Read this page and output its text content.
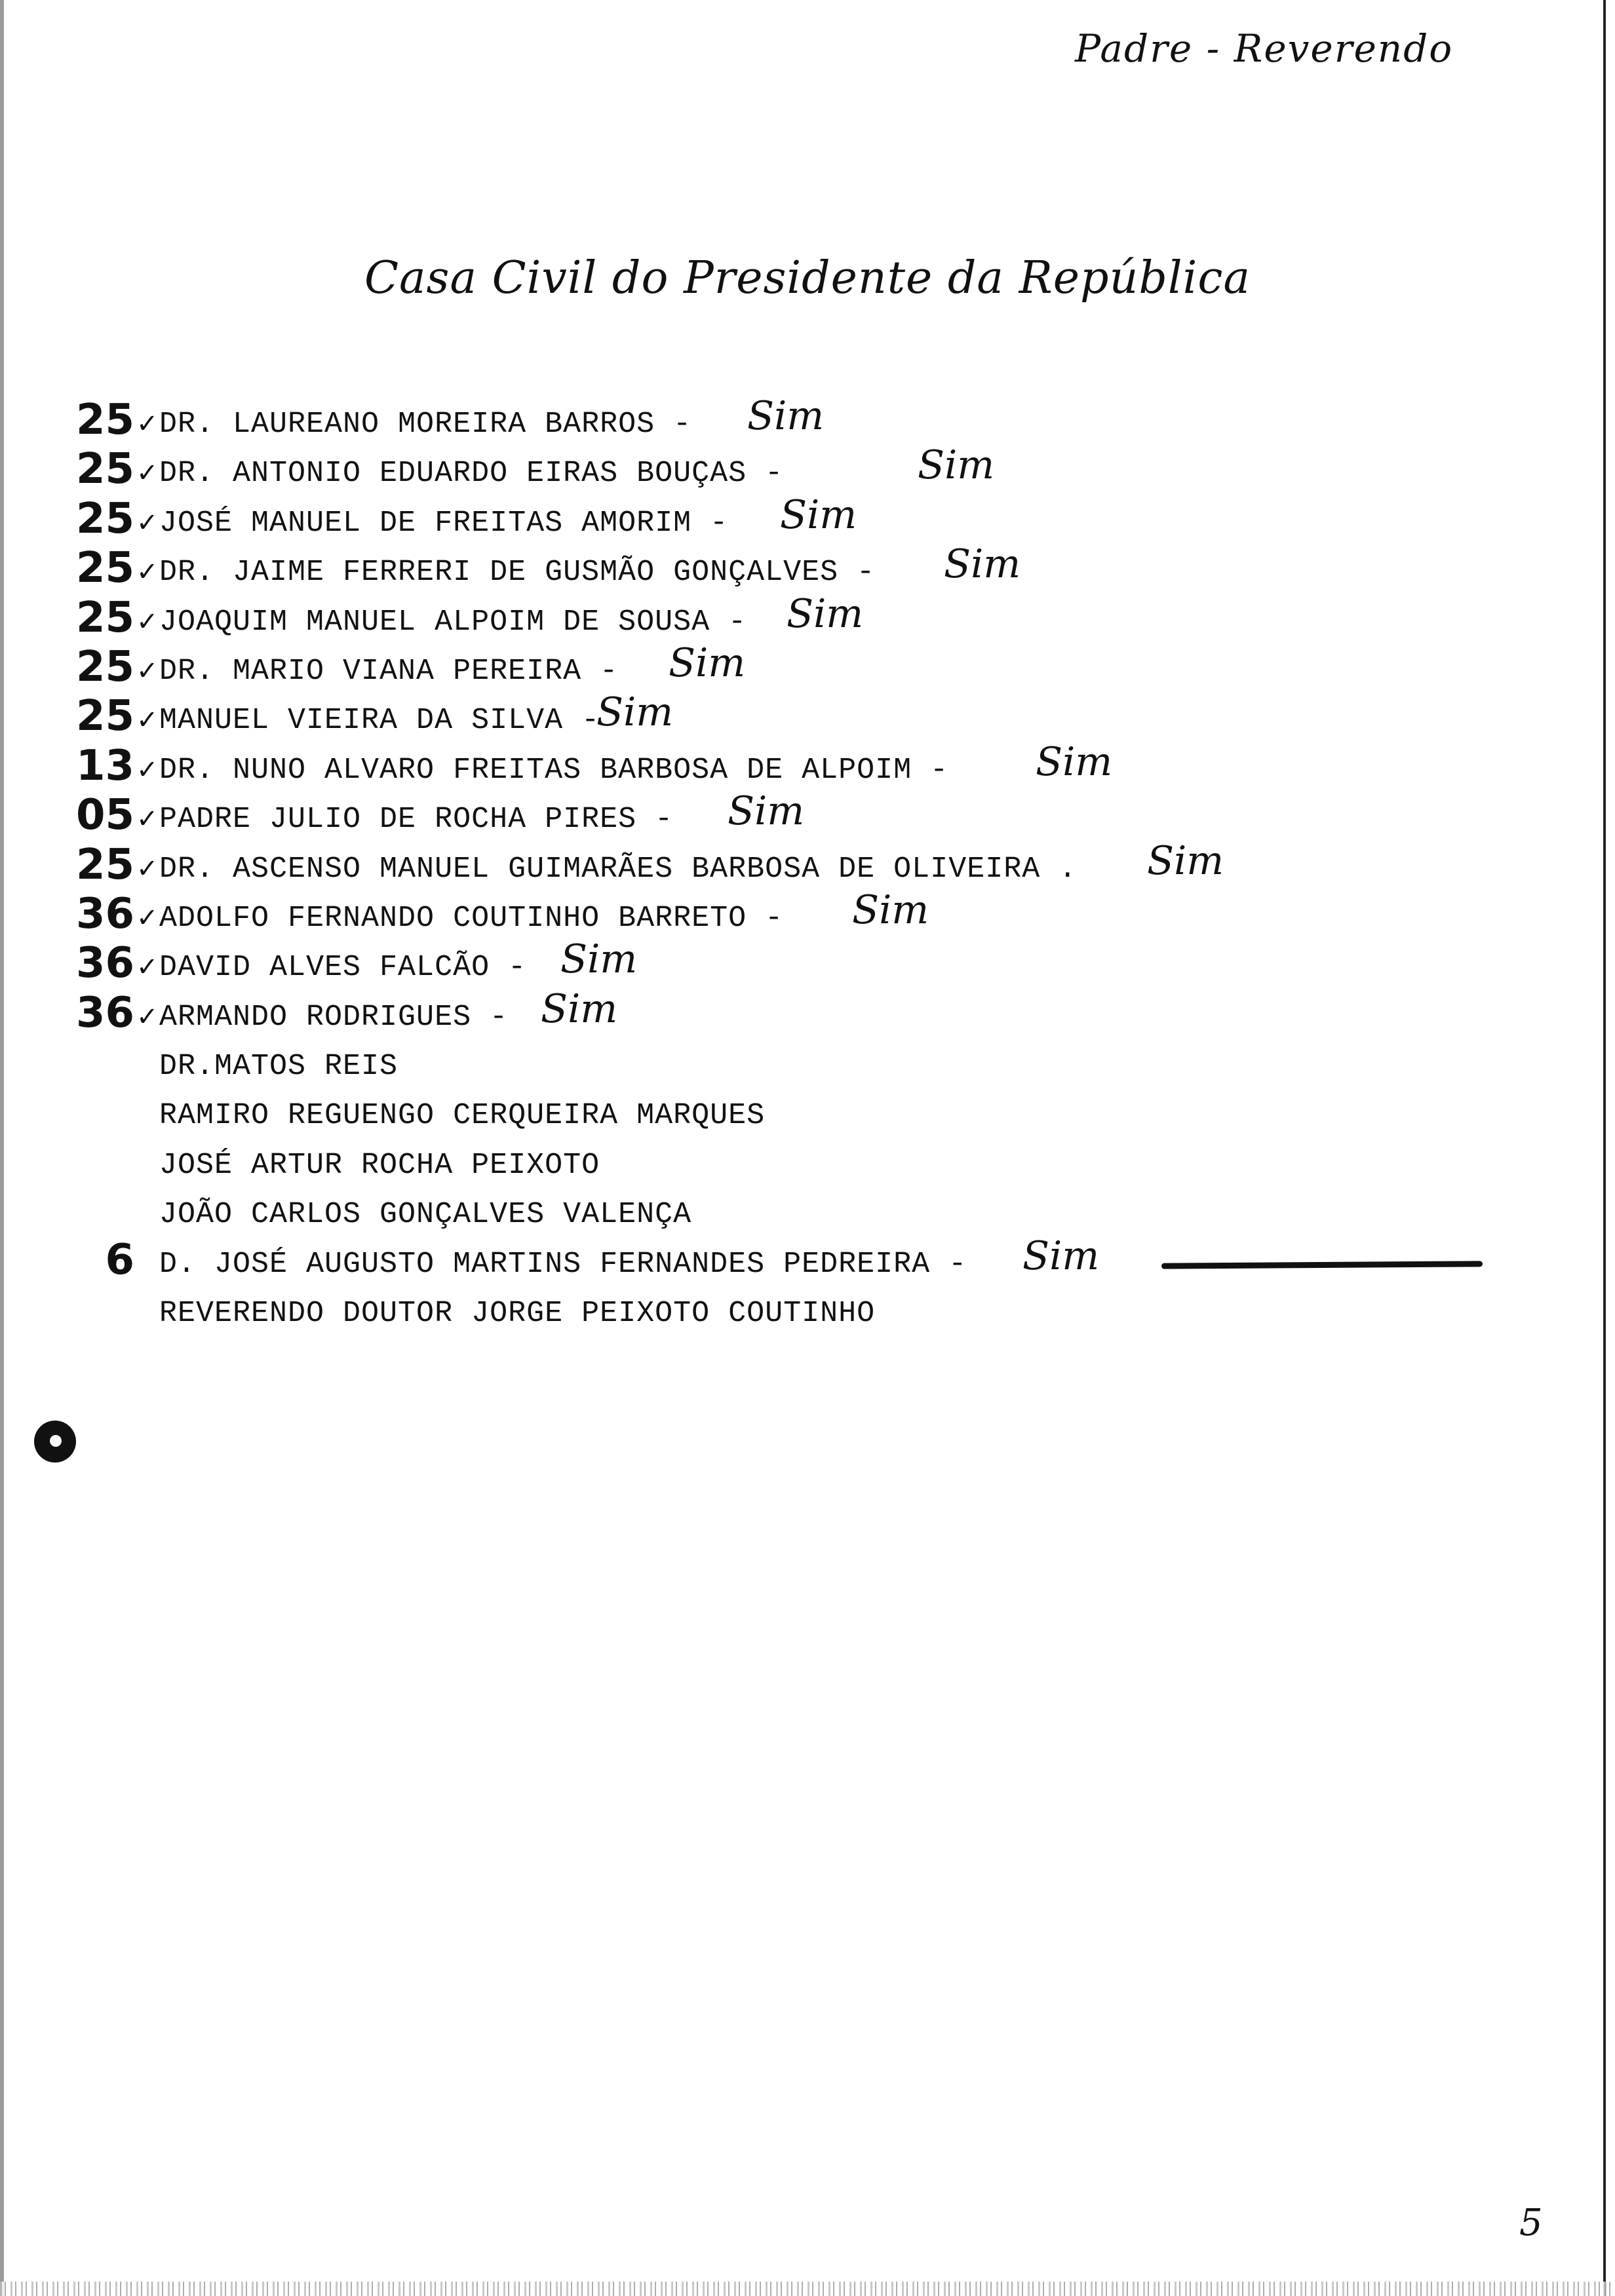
Padre - Reverendo
Casa Civil do Presidente da República
25 ✓ DR. LAUREANO MOREIRA BARROS - Sim
25 ✓ DR. ANTONIO EDUARDO EIRAS BOUÇAS -	Sim
25 ✓ JOSÉ MANUEL DE FREITAS AMORIM - Sim
25 ✓ DR. JAIME FERRERI DE GUSMÃO GONÇALVES - Sim
25 ✓ JOAQUIM MANUEL ALPOIM DE SOUSA - Sim
25 ✓ DR. MARIO VIANA PEREIRA - Sim
25 ✓ MANUEL VIEIRA DA SILVA -
Sim
13 ✓ DR. NUNO ALVARO FREITAS BARBOSA DE ALPOIM - Sim
05 ✓ PADRE JULIO DE ROCHA PIRES - Sim
25 ✓ DR. ASCENSO MANUEL GUIMARÃES BARBOSA DE OLIVEIRA . Sim
36 ✓ ADOLFO FERNANDO COUTINHO BARRETO - Sim
36 ✓ DAVID ALVES FALCÃO - Sim
36 ✓ ARMANDO RODRIGUES - Sim
DR.MATOS REIS
RAMIRO REGUENGO CERQUEIRA MARQUES
JOSÉ ARTUR ROCHA PEIXOTO
JOÃO CARLOS GONÇALVES VALENÇA
6 D. JOSÉ AUGUSTO MARTINS FERNANDES PEDREIRA - Sim
REVERENDO DOUTOR JORGE PEIXOTO COUTINHO
5
